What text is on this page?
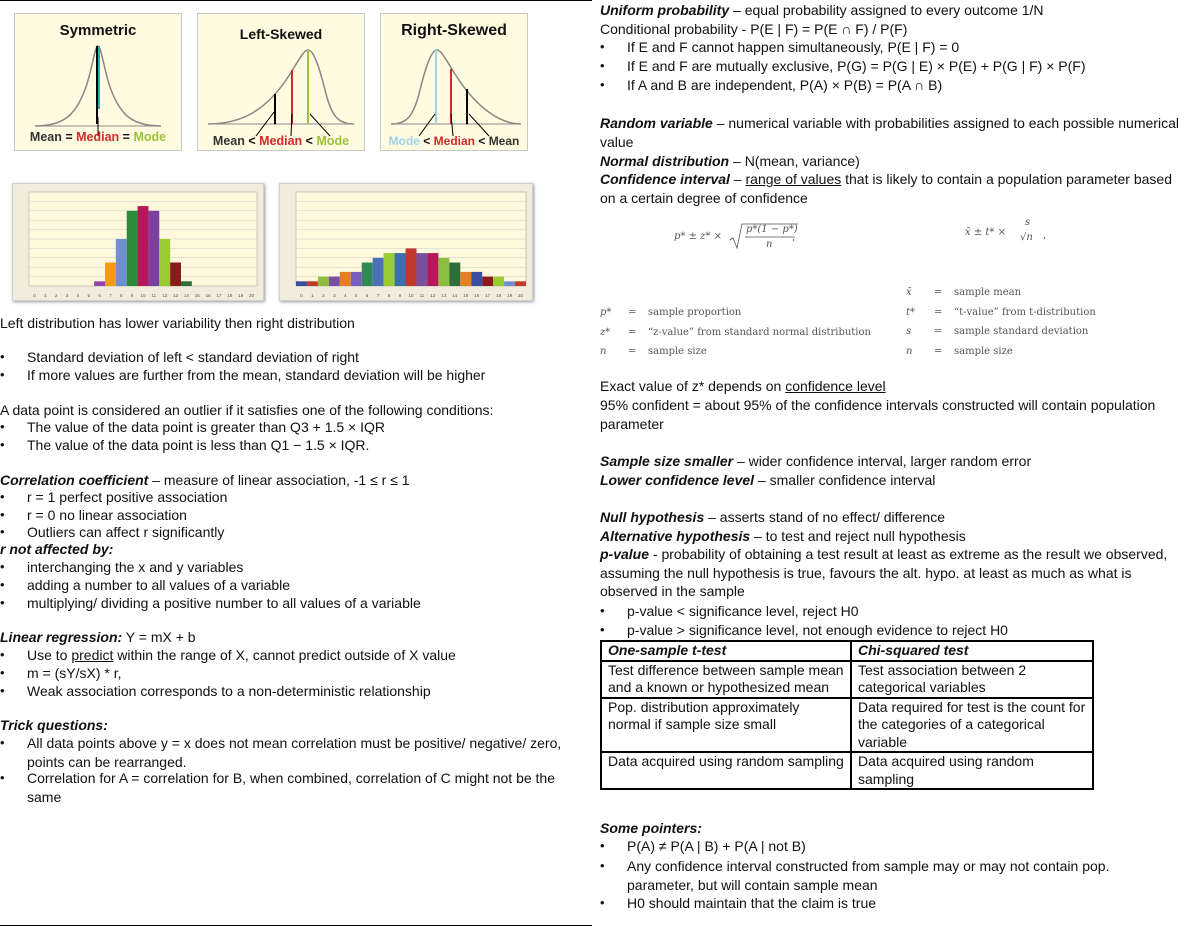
Symmetric
Mean = Median = Mode
Left-Skewed
Mean < Median < Mode
Right-Skewed
Mode < Median < Mean
0 1 2 3 4 5 6 7 8 9 10 11 12 13 14 15 16 17 18 19 20	0 1 2 3 4 5 6 7 8 9 10 11 12 13 14 15 16 17 18 19 20
Left distribution has lower variability then right distribution
• Standard deviation of left < standard deviation of right
• If more values are further from the mean, standard deviation will be higher
A data point is considered an outlier if it satisfies one of the following conditions:
• The value of the data point is greater than Q3 + 1.5 × IQR
• The value of the data point is less than Q1 − 1.5 × IQR.
Correlation coefficient – measure of linear association, -1 ≤ r ≤ 1
• r = 1 perfect positive association
• r = 0 no linear association
• Outliers can affect r significantly
r not affected by:
• interchanging the x and y variables
• adding a number to all values of a variable
• multiplying/ dividing a positive number to all values of a variable
Linear regression: Y = mX + b
• Use to predict within the range of X, cannot predict outside of X value
• m = (sY/sX) * r,
• Weak association corresponds to a non-deterministic relationship
Trick questions:
• All data points above y = x does not mean correlation must be positive/ negative/ zero, points can be rearranged.
• Correlation for A = correlation for B, when combined, correlation of C might not be the same
Uniform probability – equal probability assigned to every outcome 1/N
Conditional probability - P(E | F) = P(E ∩ F) / P(F)
• If E and F cannot happen simultaneously, P(E | F) = 0
• If E and F are mutually exclusive, P(G) = P(G | E) × P(E) + P(G | F) × P(F)
• If A and B are independent, P(A) × P(B) = P(A ∩ B)
Random variable – numerical variable with probabilities assigned to each possible numerical value
Normal distribution – N(mean, variance)
Confidence interval – range of values that is likely to contain a population parameter based on a certain degree of confidence
p* ± z* ×
p*(1 − p*)
n
,	x̄ ± t* ×
s
√n ,
p*	= sample proportion
z*	= “z-value” from standard normal distribution
n	= sample size
x̄	= sample mean
t*	= “t-value” from t-distribution
s	= sample standard deviation
n	= sample size
Exact value of z* depends on confidence level
95% confident = about 95% of the confidence intervals constructed will contain population parameter
Sample size smaller – wider confidence interval, larger random error
Lower confidence level – smaller confidence interval
Null hypothesis – asserts stand of no effect/ difference
Alternative hypothesis – to test and reject null hypothesis
p-value - probability of obtaining a test result at least as extreme as the result we observed, assuming the null hypothesis is true, favours the alt. hypo. at least as much as what is observed in the sample
• p-value < significance level, reject H0
• p-value > significance level, not enough evidence to reject H0
One-sample t-test	Chi-squared test
Test difference between sample mean and a known or hypothesized mean	Test association between 2 categorical variables
Pop. distribution approximately normal if sample size small	Data required for test is the count for the categories of a categorical variable
Data acquired using random sampling	Data acquired using random sampling
Some pointers:
• P(A) ≠ P(A | B) + P(A | not B)
• Any confidence interval constructed from sample may or may not contain pop. parameter, but will contain sample mean
• H0 should maintain that the claim is true
